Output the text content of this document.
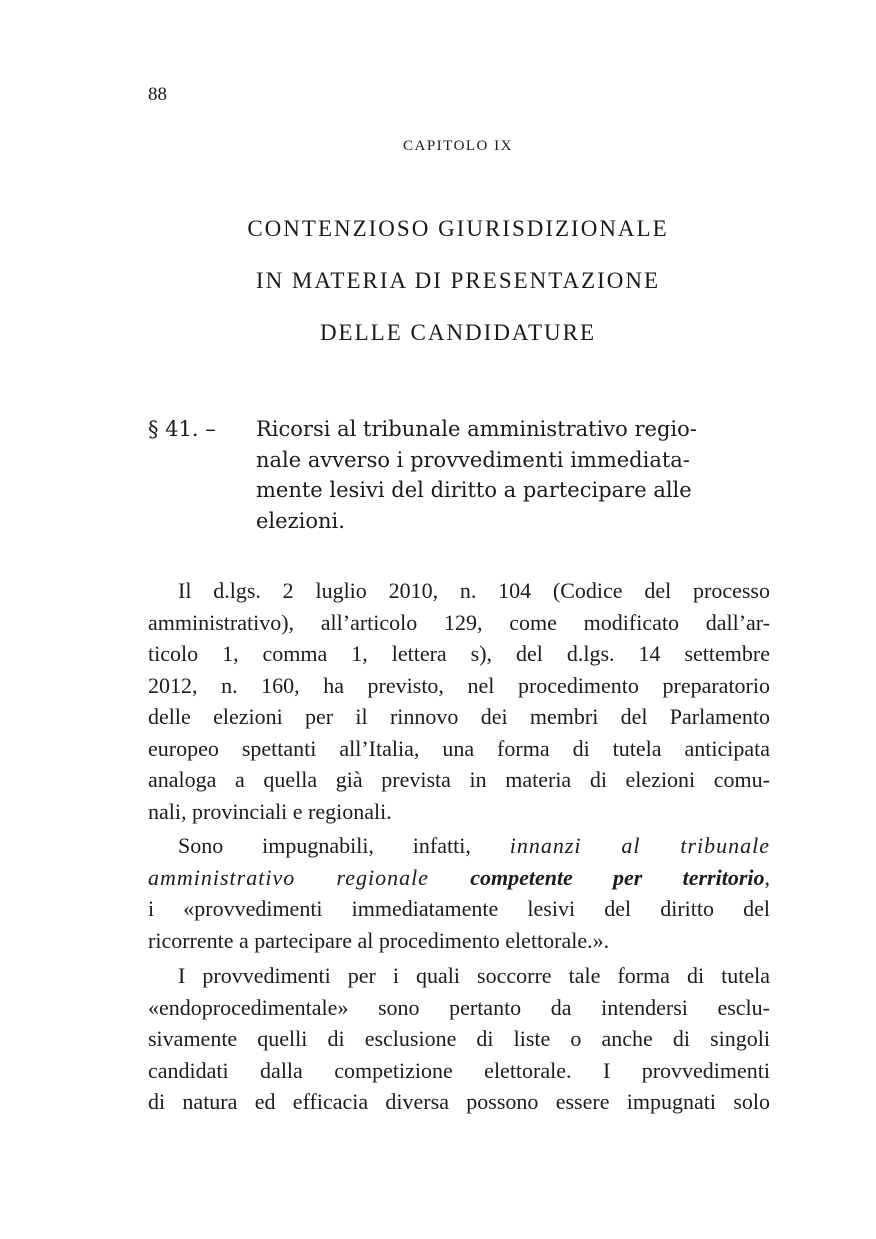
88
CAPITOLO IX
CONTENZIOSO GIURISDIZIONALE
IN MATERIA DI PRESENTAZIONE
DELLE CANDIDATURE
§ 41. – Ricorsi al tribunale amministrativo regio-
nale avverso i provvedimenti immediata-
mente lesivi del diritto a partecipare alle
elezioni.
Il d.lgs. 2 luglio 2010, n. 104 (Codice del processo
amministrativo), all’articolo 129, come modificato dall’ar-
ticolo 1, comma 1, lettera s), del d.lgs. 14 settembre
2012, n. 160, ha previsto, nel procedimento preparatorio
delle elezioni per il rinnovo dei membri del Parlamento
europeo spettanti all’Italia, una forma di tutela anticipata
analoga a quella già prevista in materia di elezioni comu-
nali, provinciali e regionali.
Sono impugnabili, infatti, innanzi al tribunale
amministrativo regionale competente per territorio,
i «provvedimenti immediatamente lesivi del diritto del
ricorrente a partecipare al procedimento elettorale.».
I provvedimenti per i quali soccorre tale forma di tutela
«endoprocedimentale» sono pertanto da intendersi esclu-
sivamente quelli di esclusione di liste o anche di singoli
candidati dalla competizione elettorale. I provvedimenti
di natura ed efficacia diversa possono essere impugnati solo
